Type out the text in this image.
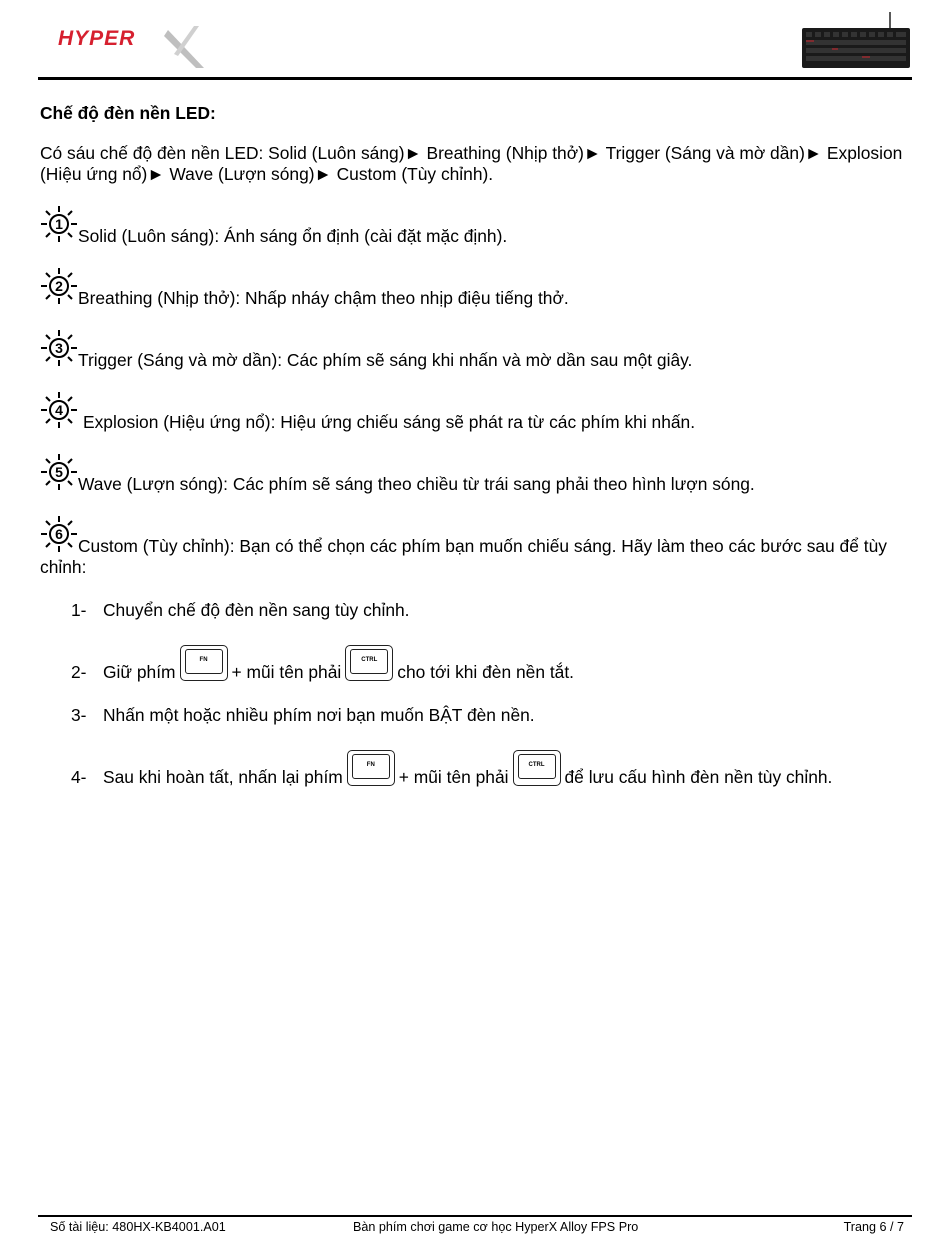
HYPER

Chế độ đèn nền LED:

Có sáu chế độ đèn nền LED: Solid (Luôn sáng)► Breathing (Nhịp thở)► Trigger (Sáng và mờ dần)► Explosion (Hiệu ứng nổ)► Wave (Lượn sóng)► Custom (Tùy chỉnh).

1
Solid (Luôn sáng): Ánh sáng ổn định (cài đặt mặc định).
2
Breathing (Nhịp thở): Nhấp nháy chậm theo nhịp điệu tiếng thở.
3
Trigger (Sáng và mờ dần): Các phím sẽ sáng khi nhấn và mờ dần sau một giây.
4
Explosion (Hiệu ứng nổ): Hiệu ứng chiếu sáng sẽ phát ra từ các phím khi nhấn.
5
Wave (Lượn sóng): Các phím sẽ sáng theo chiều từ trái sang phải theo hình lượn sóng.
6
Custom (Tùy chỉnh): Bạn có thể chọn các phím bạn muốn chiếu sáng. Hãy làm theo các bước sau để tùy chỉnh:
1- Chuyển chế độ đèn nền sang tùy chỉnh.
2- Giữ phím
FN
+ mũi tên phải
CTRL
cho tới khi đèn nền tắt.
3- Nhấn một hoặc nhiều phím nơi bạn muốn BẬT đèn nền.
4- Sau khi hoàn tất, nhấn lại phím
FN
+ mũi tên phải
CTRL
để lưu cấu hình đèn nền tùy chỉnh.
Số tài liệu: 480HX-KB4001.A01	Bàn phím chơi game cơ học HyperX Alloy FPS Pro	Trang 6 / 7
